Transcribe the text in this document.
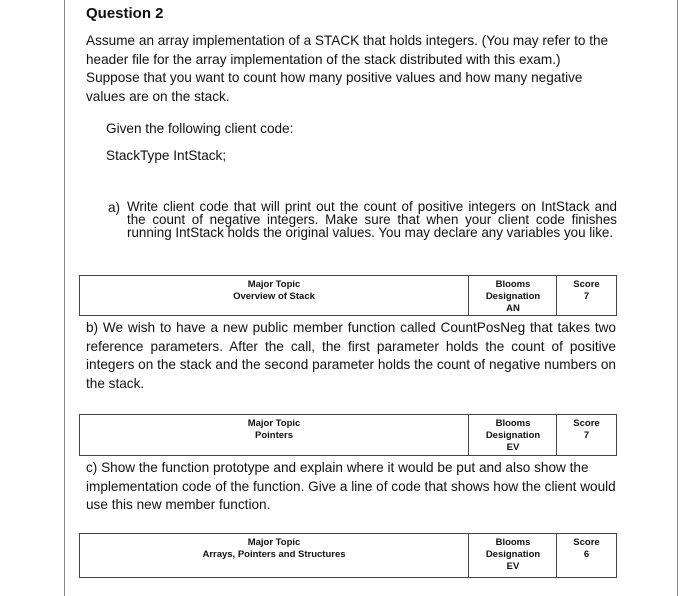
Question 2
Assume an array implementation of a STACK that holds integers. (You may refer to the header file for the array implementation of the stack distributed with this exam.) Suppose that you want to count how many positive values and how many negative values are on the stack.
Given the following client code:
StackType IntStack;
a) Write client code that will print out the count of positive integers on IntStack and the count of negative integers. Make sure that when your client code finishes running IntStack holds the original values. You may declare any variables you like.
Major Topic
Overview of Stack
Blooms
Designation
AN
Score
7
b) We wish to have a new public member function called CountPosNeg that takes two reference parameters. After the call, the first parameter holds the count of positive integers on the stack and the second parameter holds the count of negative numbers on the stack.
Major Topic
Pointers
Blooms
Designation
EV
Score
7
c) Show the function prototype and explain where it would be put and also show the implementation code of the function. Give a line of code that shows how the client would use this new member function.
Major Topic
Arrays, Pointers and Structures
Blooms
Designation
EV
Score
6
